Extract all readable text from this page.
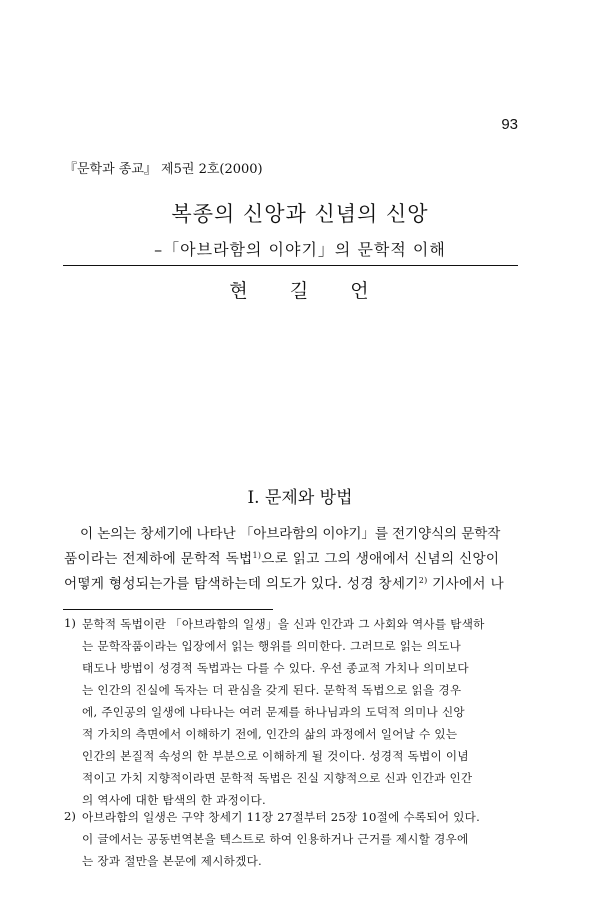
93
『문학과 종교』 제5권 2호(2000)
복종의 신앙과 신념의 신앙
–「아브라함의 이야기」의 문학적 이해
현 길 언
Ⅰ. 문제와 방법
이 논의는 창세기에 나타난 「아브라함의 이야기」를 전기양식의 문학작
품이라는 전제하에 문학적 독법$^{1)}$으로 읽고 그의 생애에서 신념의 신앙이
어떻게 형성되는가를 탐색하는데 의도가 있다. 성경 창세기$^{2)}$ 기사에서 나
1) 문학적 독법이란 「아브라함의 일생」을 신과 인간과 그 사회와 역사를 탐색하
는 문학작품이라는 입장에서 읽는 행위를 의미한다. 그러므로 읽는 의도나
태도나 방법이 성경적 독법과는 다를 수 있다. 우선 종교적 가치나 의미보다
는 인간의 진실에 독자는 더 관심을 갖게 된다. 문학적 독법으로 읽을 경우
에, 주인공의 일생에 나타나는 여러 문제를 하나님과의 도덕적 의미나 신앙
적 가치의 측면에서 이해하기 전에, 인간의 삶의 과정에서 일어날 수 있는
인간의 본질적 속성의 한 부분으로 이해하게 될 것이다. 성경적 독법이 이념
적이고 가치 지향적이라면 문학적 독법은 진실 지향적으로 신과 인간과 인간
의 역사에 대한 탐색의 한 과정이다.
2) 아브라함의 일생은 구약 창세기 11장 27절부터 25장 10절에 수록되어 있다.
이 글에서는 공동번역본을 텍스트로 하여 인용하거나 근거를 제시할 경우에
는 장과 절만을 본문에 제시하겠다.
